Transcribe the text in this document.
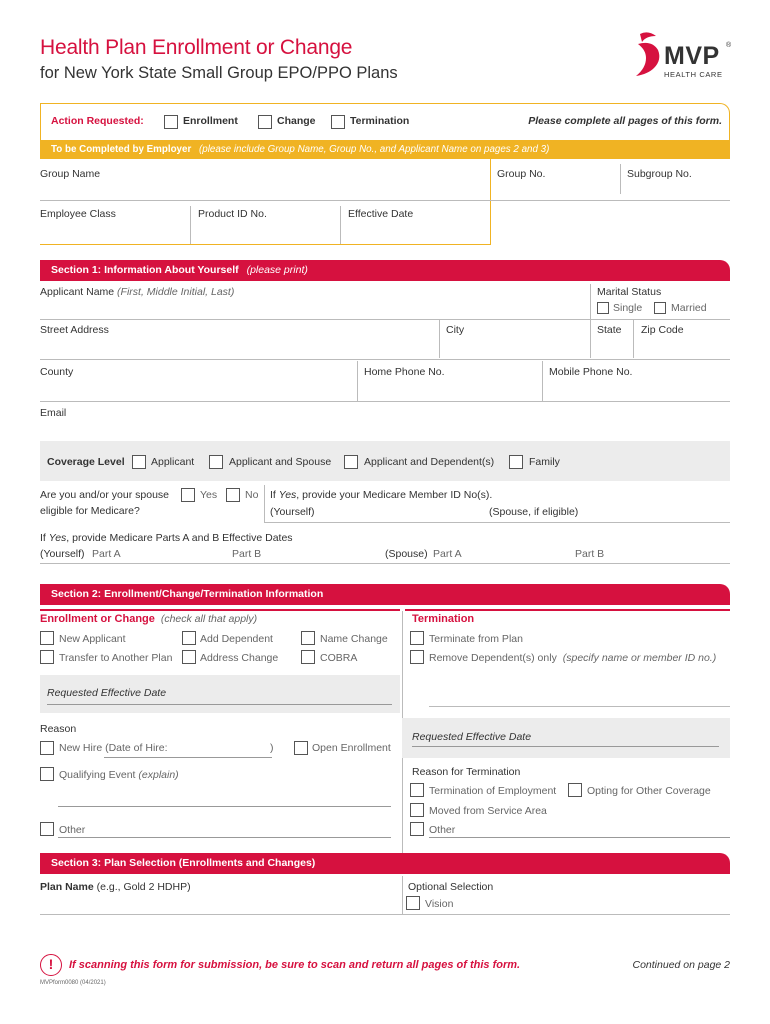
Health Plan Enrollment or Change
for New York State Small Group EPO/PPO Plans
MVP ®
HEALTH CARE
Action Requested:	Enrollment	Change	Termination	Please complete all pages of this form.
To be Completed by Employer (please include Group Name, Group No., and Applicant Name on pages 2 and 3)
Group Name	Group No.	Subgroup No.
Employee Class	Product ID No.	Effective Date
Section 1: Information About Yourself (please print)
Applicant Name (First, Middle Initial, Last)	Marital Status
Single	Married
Street Address	City	State Zip Code
County	Home Phone No.	Mobile Phone No.
Email
Coverage Level	Applicant	Applicant and Spouse	Applicant and Dependent(s)	Family
Are you and/or your spouse
eligible for Medicare?
Yes	No If Yes, provide your Medicare Member ID No(s).
(Yourself)	(Spouse, if eligible)
If Yes, provide Medicare Parts A and B Effective Dates
(Yourself) Part A	Part B	(Spouse) Part A	Part B
Section 2: Enrollment/Change/Termination Information
Enrollment or Change (check all that apply)	Termination
New Applicant	Add Dependent	Name Change
Transfer to Another Plan	Address Change	COBRA
Terminate from Plan
Remove Dependent(s) only (specify name or member ID no.)
Requested Effective Date
Reason
New Hire (Date of Hire:	)	Open Enrollment
Qualifying Event (explain)
Other
Requested Effective Date
Reason for Termination
Termination of Employment	Opting for Other Coverage
Moved from Service Area
Other
Section 3: Plan Selection (Enrollments and Changes)
Plan Name (e.g., Gold 2 HDHP)	Optional Selection
Vision
!	If scanning this form for submission, be sure to scan and return all pages of this form.	Continued on page 2
MVPform0080 (04/2021)
